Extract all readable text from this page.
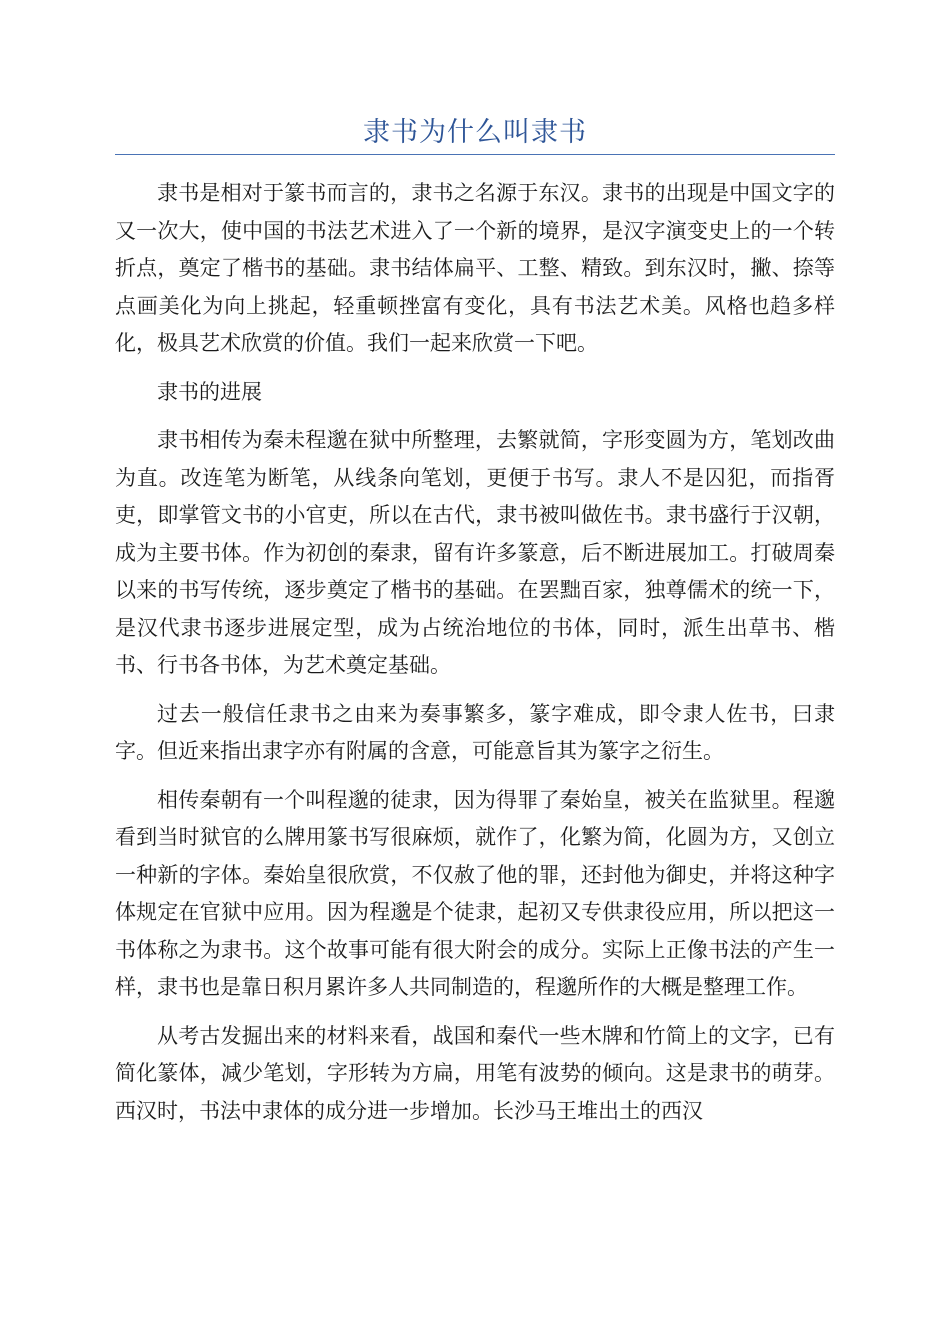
隶书为什么叫隶书

隶书是相对于篆书而言的，隶书之名源于东汉。隶书的出现是中国文字的又一次大，使中国的书法艺术进入了一个新的境界，是汉字演变史上的一个转折点，奠定了楷书的基础。隶书结体扁平、工整、精致。到东汉时，撇、捺等点画美化为向上挑起，轻重顿挫富有变化，具有书法艺术美。风格也趋多样化，极具艺术欣赏的价值。我们一起来欣赏一下吧。

隶书的进展

隶书相传为秦未程邈在狱中所整理，去繁就简，字形变圆为方，笔划改曲为直。改连笔为断笔，从线条向笔划，更便于书写。隶人不是囚犯，而指胥吏，即掌管文书的小官吏，所以在古代，隶书被叫做佐书。隶书盛行于汉朝，成为主要书体。作为初创的秦隶，留有许多篆意，后不断进展加工。打破周秦以来的书写传统，逐步奠定了楷书的基础。在罢黜百家，独尊儒术的统一下，是汉代隶书逐步进展定型，成为占统治地位的书体，同时，派生出草书、楷书、行书各书体，为艺术奠定基础。

过去一般信任隶书之由来为奏事繁多，篆字难成，即令隶人佐书，曰隶字。但近来指出隶字亦有附属的含意，可能意旨其为篆字之衍生。

相传秦朝有一个叫程邈的徒隶，因为得罪了秦始皇，被关在监狱里。程邈看到当时狱官的么牌用篆书写很麻烦，就作了，化繁为简，化圆为方，又创立一种新的字体。秦始皇很欣赏，不仅赦了他的罪，还封他为御史，并将这种字体规定在官狱中应用。因为程邈是个徒隶，起初又专供隶役应用，所以把这一书体称之为隶书。这个故事可能有很大附会的成分。实际上正像书法的产生一样，隶书也是靠日积月累许多人共同制造的，程邈所作的大概是整理工作。

从考古发掘出来的材料来看，战国和秦代一些木牌和竹简上的文字，已有简化篆体，减少笔划，字形转为方扁，用笔有波势的倾向。这是隶书的萌芽。西汉时，书法中隶体的成分进一步增加。长沙马王堆出土的西汉
